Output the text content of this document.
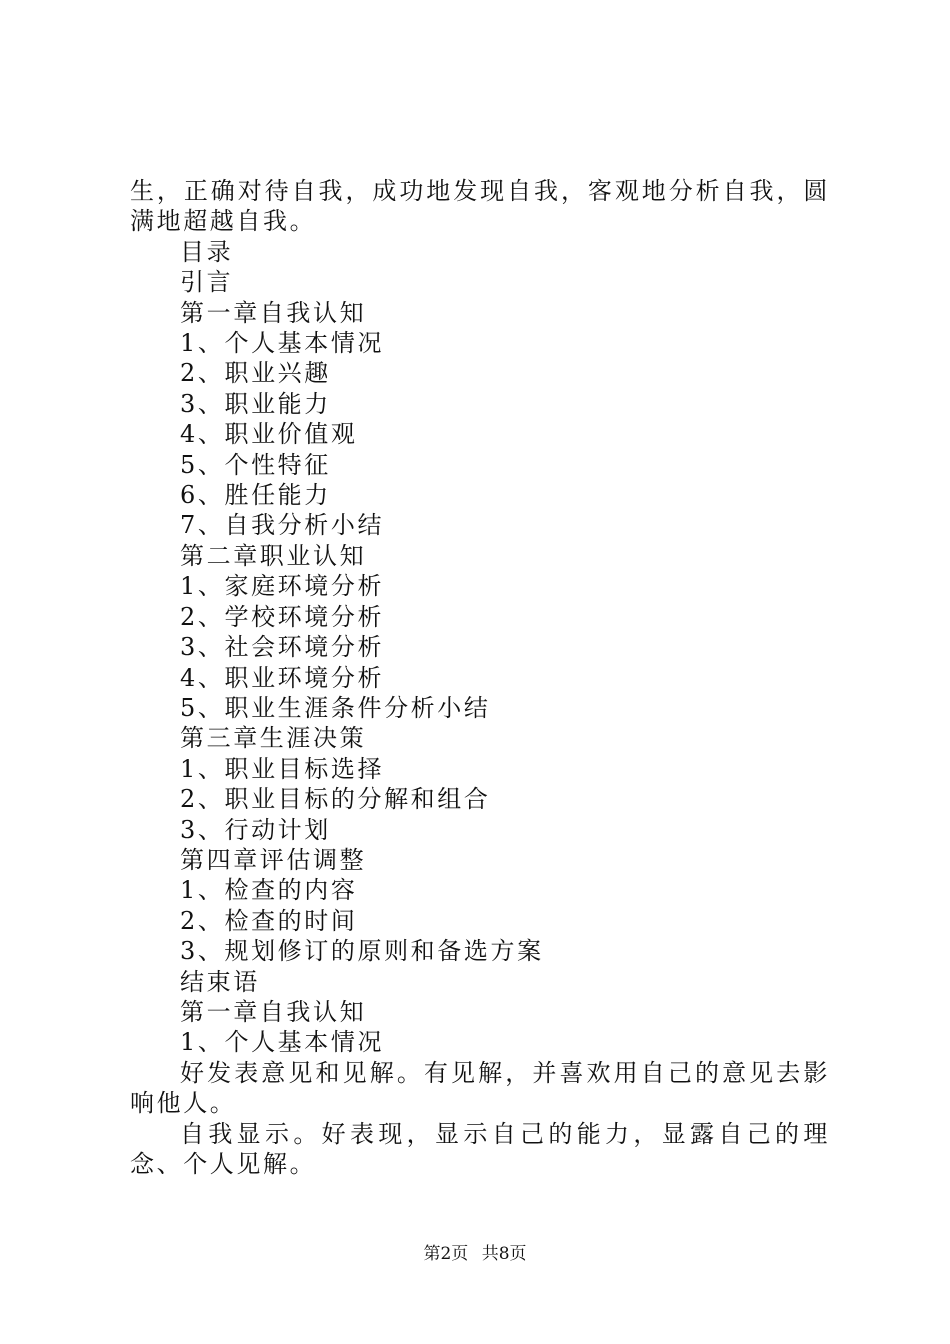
生，正确对待自我，成功地发现自我，客观地分析自我，圆满地超越自我。

目录
引言
第一章自我认知
1、个人基本情况
2、职业兴趣
3、职业能力
4、职业价值观
5、个性特征
6、胜任能力
7、自我分析小结
第二章职业认知
1、家庭环境分析
2、学校环境分析
3、社会环境分析
4、职业环境分析
5、职业生涯条件分析小结
第三章生涯决策
1、职业目标选择
2、职业目标的分解和组合
3、行动计划
第四章评估调整
1、检查的内容
2、检查的时间
3、规划修订的原则和备选方案
结束语
第一章自我认知
1、个人基本情况

好发表意见和见解。有见解，并喜欢用自己的意见去影响他人。

自我显示。好表现，显示自己的能力，显露自己的理念、个人见解。

第2页 共8页
